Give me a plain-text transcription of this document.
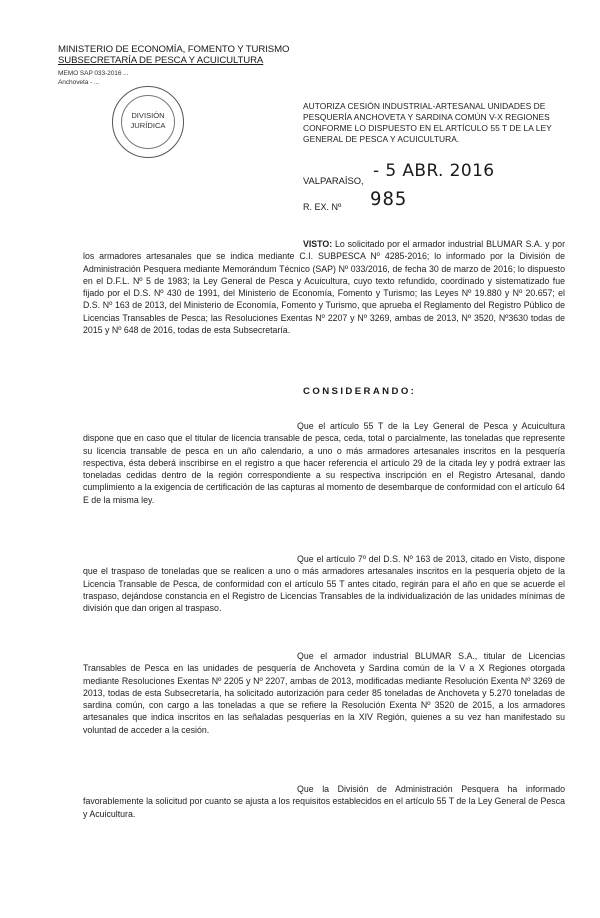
MINISTERIO DE ECONOMÍA, FOMENTO Y TURISMO
SUBSECRETARÍA DE PESCA Y ACUICULTURA
MEMO SAP 033-2016 ...
Anchoveta - ...
DIVISIÓN
JURÍDICA
AUTORIZA CESIÓN INDUSTRIAL-ARTESANAL UNIDADES DE PESQUERÍA ANCHOVETA Y SARDINA COMÚN V-X REGIONES CONFORME LO DISPUESTO EN EL ARTÍCULO 55 T DE LA LEY GENERAL DE PESCA Y ACUICULTURA.
VALPARAÍSO, - 5 ABR. 2016
R. EX. Nº 985
VISTO: Lo solicitado por el armador industrial BLUMAR S.A. y por los armadores artesanales que se indica mediante C.I. SUBPESCA Nº 4285-2016; lo informado por la División de Administración Pesquera mediante Memorándum Técnico (SAP) Nº 033/2016, de fecha 30 de marzo de 2016; lo dispuesto en el D.F.L. Nº 5 de 1983; la Ley General de Pesca y Acuicultura, cuyo texto refundido, coordinado y sistematizado fue fijado por el D.S. Nº 430 de 1991, del Ministerio de Economía, Fomento y Turismo; las Leyes Nº 19.880 y Nº 20.657; el D.S. Nº 163 de 2013, del Ministerio de Economía, Fomento y Turismo, que aprueba el Reglamento del Registro Público de Licencias Transables de Pesca; las Resoluciones Exentas Nº 2207 y Nº 3269, ambas de 2013, Nº 3520, Nº3630 todas de 2015 y Nº 648 de 2016, todas de esta Subsecretaría.
CONSIDERANDO:
Que el artículo 55 T de la Ley General de Pesca y Acuicultura dispone que en caso que el titular de licencia transable de pesca, ceda, total o parcialmente, las toneladas que represente su licencia transable de pesca en un año calendario, a uno o más armadores artesanales inscritos en la pesquería respectiva, ésta deberá inscribirse en el registro a que hacer referencia el artículo 29 de la citada ley y podrá extraer las toneladas cedidas dentro de la región correspondiente a su respectiva inscripción en el Registro Artesanal, dando cumplimiento a la exigencia de certificación de las capturas al momento de desembarque de conformidad con el artículo 64 E de la misma ley.
Que el artículo 7º del D.S. Nº 163 de 2013, citado en Visto, dispone que el traspaso de toneladas que se realicen a uno o más armadores artesanales inscritos en la pesquería objeto de la Licencia Transable de Pesca, de conformidad con el artículo 55 T antes citado, regirán para el año en que se acuerde el traspaso, dejándose constancia en el Registro de Licencias Transables de la individualización de las unidades mínimas de división que dan origen al traspaso.
Que el armador industrial BLUMAR S.A., titular de Licencias Transables de Pesca en las unidades de pesquería de Anchoveta y Sardina común de la V a X Regiones otorgada mediante Resoluciones Exentas Nº 2205 y Nº 2207, ambas de 2013, modificadas mediante Resolución Exenta Nº 3269 de 2013, todas de esta Subsecretaría, ha solicitado autorización para ceder 85 toneladas de Anchoveta y 5.270 toneladas de sardina común, con cargo a las toneladas a que se refiere la Resolución Exenta Nº 3520 de 2015, a los armadores artesanales que indica inscritos en las señaladas pesquerías en la XIV Región, quienes a su vez han manifestado su voluntad de acceder a la cesión.
Que la División de Administración Pesquera ha informado favorablemente la solicitud por cuanto se ajusta a los requisitos establecidos en el artículo 55 T de la Ley General de Pesca y Acuicultura.
